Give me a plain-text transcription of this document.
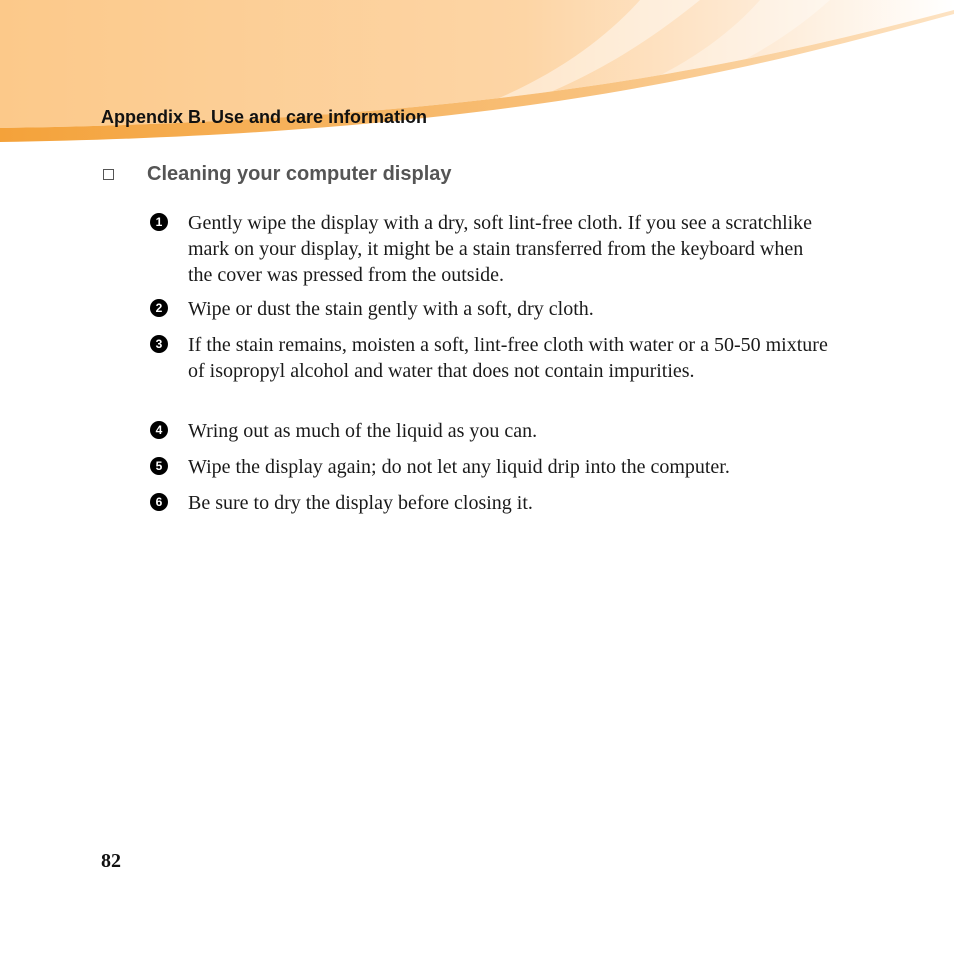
Appendix B. Use and care information
Cleaning your computer display
1 Gently wipe the display with a dry, soft lint-free cloth. If you see a scratchlike mark on your display, it might be a stain transferred from the keyboard when the cover was pressed from the outside.
2 Wipe or dust the stain gently with a soft, dry cloth.
3 If the stain remains, moisten a soft, lint-free cloth with water or a 50-50 mixture of isopropyl alcohol and water that does not contain impurities.
4 Wring out as much of the liquid as you can.
5 Wipe the display again; do not let any liquid drip into the computer.
6 Be sure to dry the display before closing it.
82
